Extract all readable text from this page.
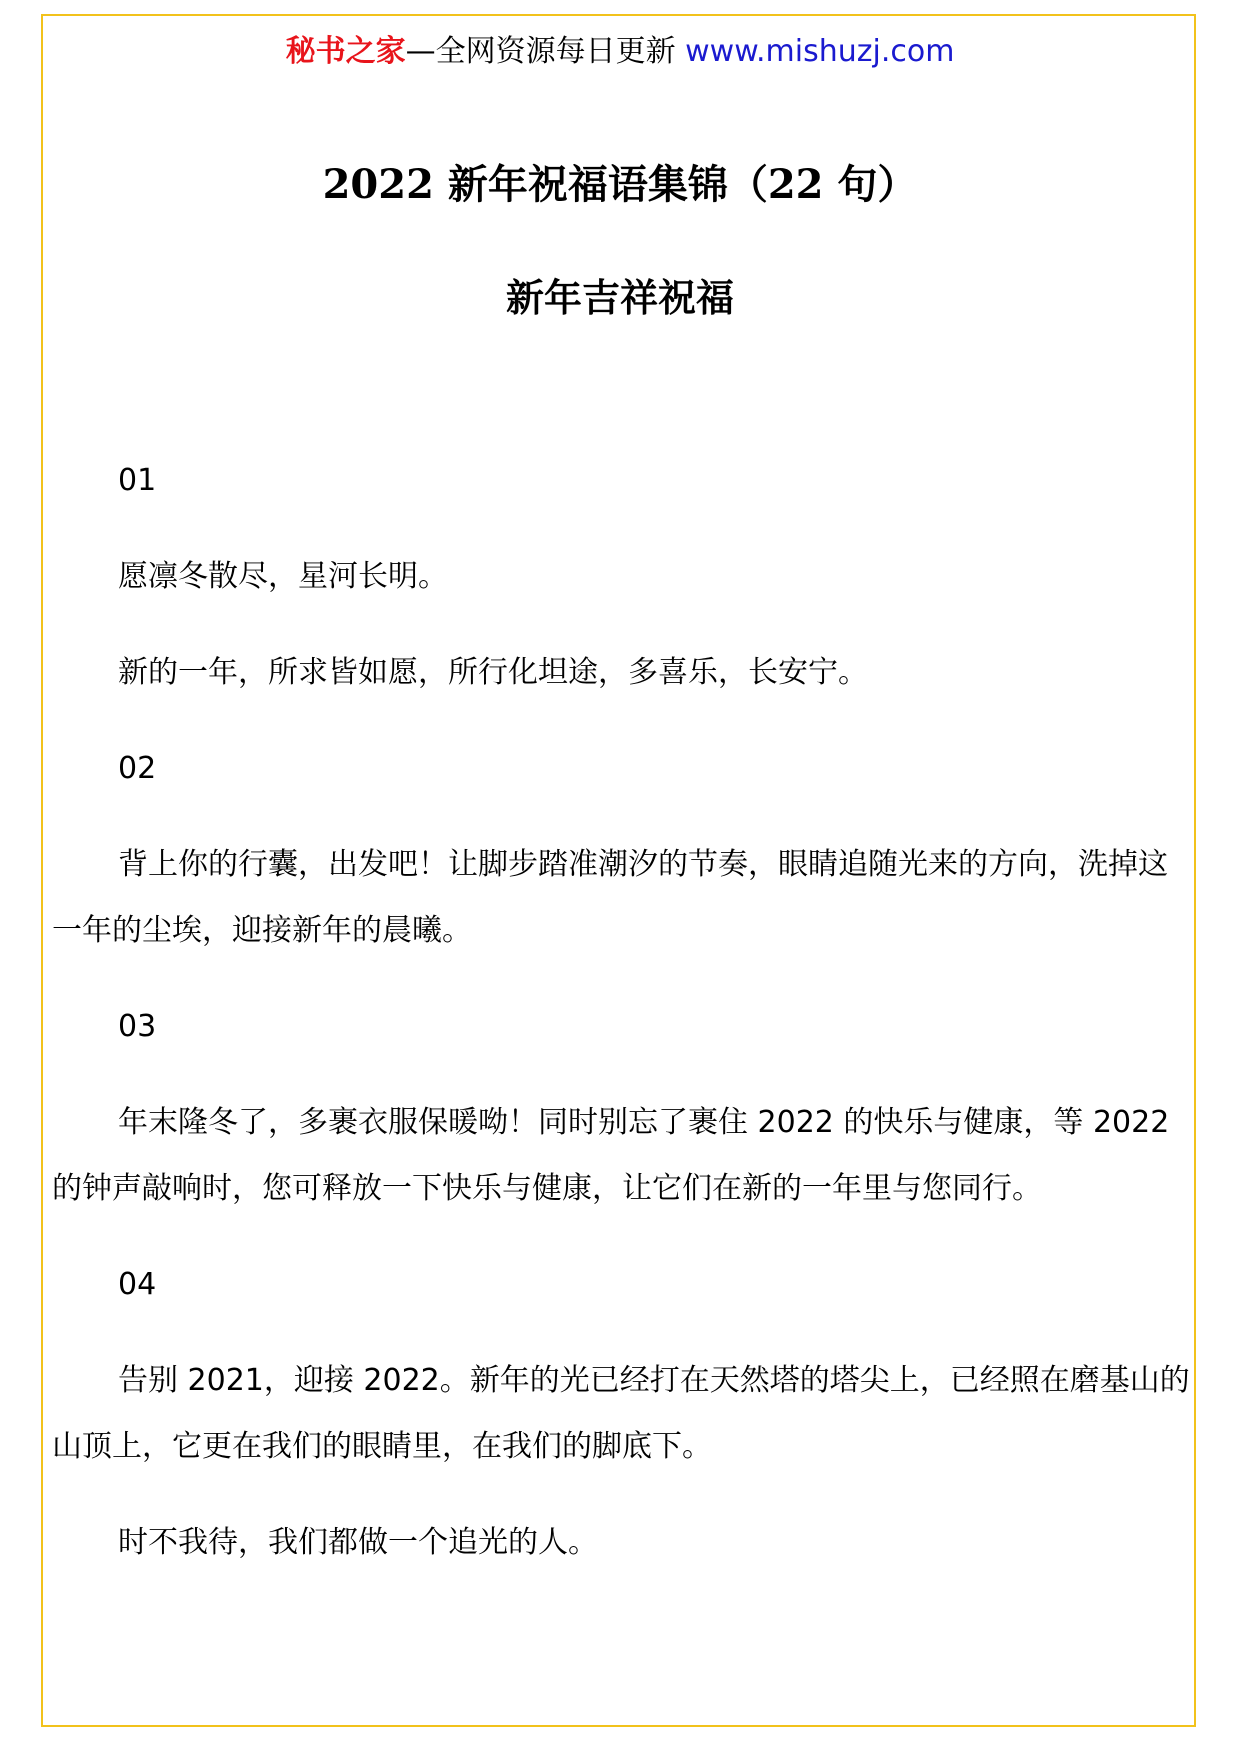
秘书之家—全网资源每日更新 www.mishuzj.com
2022 新年祝福语集锦（22 句）
新年吉祥祝福

01

愿凛冬散尽，星河长明。

新的一年，所求皆如愿，所行化坦途，多喜乐，长安宁。

02

背上你的行囊，出发吧！让脚步踏准潮汐的节奏，眼睛追随光来的方向，洗掉这一年的尘埃，迎接新年的晨曦。

03

年末隆冬了，多裹衣服保暖呦！同时别忘了裹住 2022 的快乐与健康，等 2022 的钟声敲响时，您可释放一下快乐与健康，让它们在新的一年里与您同行。

04

告别 2021，迎接 2022。新年的光已经打在天然塔的塔尖上，已经照在磨基山的山顶上，它更在我们的眼睛里，在我们的脚底下。

时不我待，我们都做一个追光的人。
